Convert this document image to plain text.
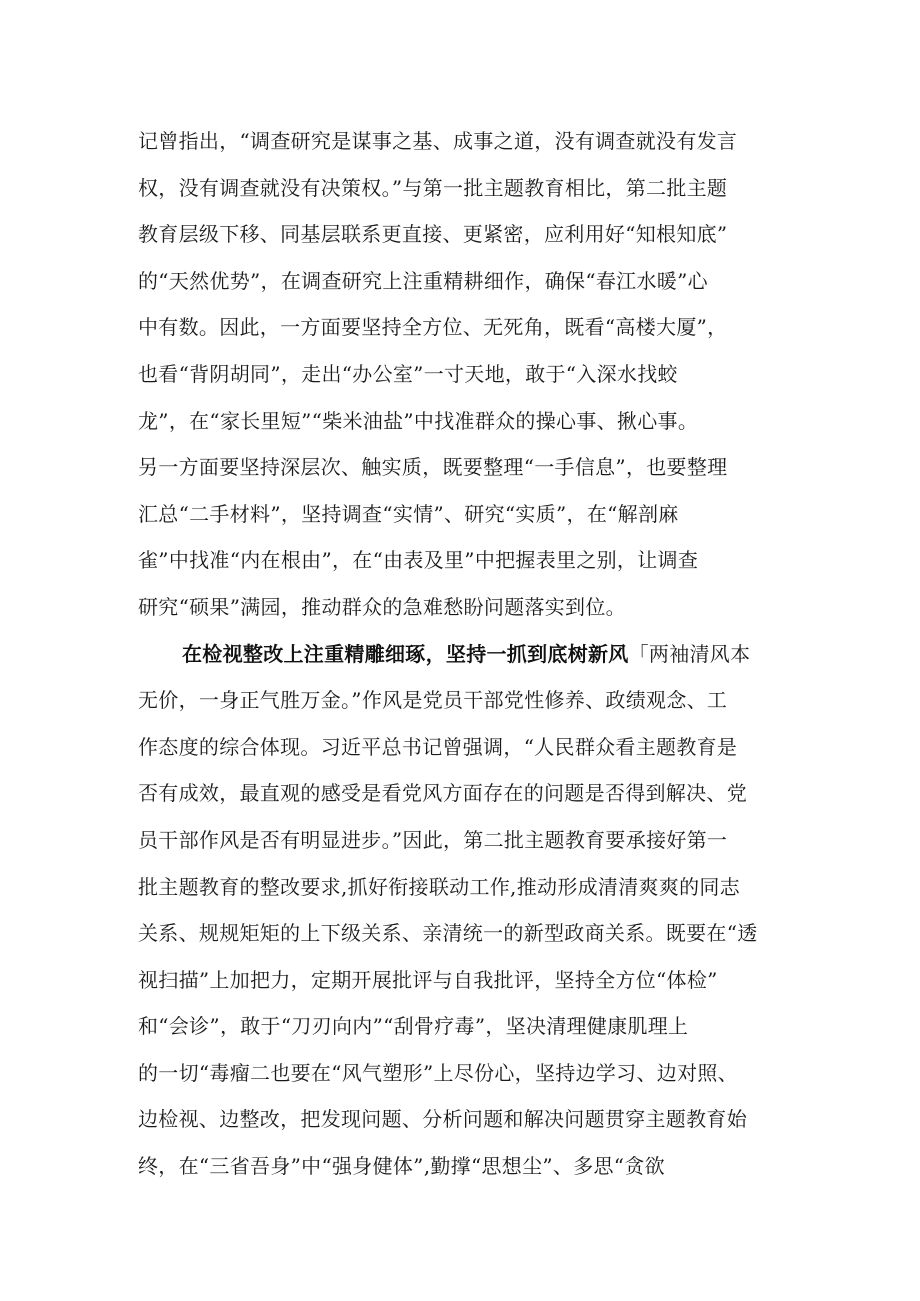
记曾指出，“调查研究是谋事之基、成事之道，没有调查就没有发言
权，没有调查就没有决策权。”与第一批主题教育相比，第二批主题
教育层级下移、同基层联系更直接、更紧密，应利用好“知根知底”
的“天然优势”，在调查研究上注重精耕细作，确保“春江水暖”心
中有数。因此，一方面要坚持全方位、无死角，既看“高楼大厦”，
也看“背阴胡同”，走出“办公室”一寸天地，敢于“入深水找蛟
龙”，在“家长里短”“柴米油盐”中找准群众的操心事、揪心事。
另一方面要坚持深层次、触实质，既要整理“一手信息”，也要整理
汇总“二手材料”，坚持调查“实情”、研究“实质”，在“解剖麻
雀”中找准“内在根由”，在“由表及里”中把握表里之别，让调查
研究“硕果”满园，推动群众的急难愁盼问题落实到位。
在检视整改上注重精雕细琢，坚持一抓到底树新风「两袖清风本
无价，一身正气胜万金。”作风是党员干部党性修养、政绩观念、工
作态度的综合体现。习近平总书记曾强调，“人民群众看主题教育是
否有成效，最直观的感受是看党风方面存在的问题是否得到解决、党
员干部作风是否有明显进步。”因此，第二批主题教育要承接好第一
批主题教育的整改要求,抓好衔接联动工作,推动形成清清爽爽的同志
关系、规规矩矩的上下级关系、亲清统一的新型政商关系。既要在“透
视扫描”上加把力，定期开展批评与自我批评，坚持全方位“体检”
和“会诊”，敢于“刀刃向内”“刮骨疗毒”，坚决清理健康肌理上
的一切“毒瘤二也要在“风气塑形”上尽份心，坚持边学习、边对照、
边检视、边整改，把发现问题、分析问题和解决问题贯穿主题教育始
终，在“三省吾身”中“强身健体”,勤撑“思想尘”、多思“贪欲
